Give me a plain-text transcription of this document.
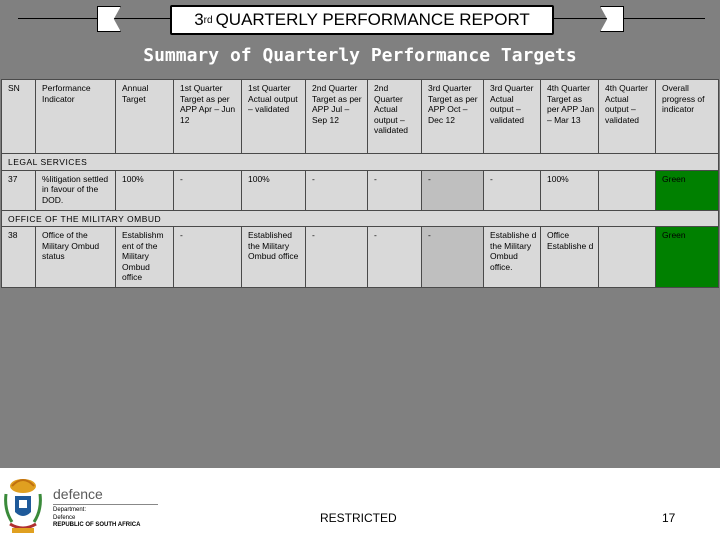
3 rd QUARTERLY PERFORMANCE REPORT
Summary of Quarterly Performance Targets
SN	Performance Indicator	Annual Target	1st Quarter Target as per APP Apr – Jun 12	1st Quarter Actual output – validated	2nd Quarter Target as per APP Jul – Sep 12	2nd Quarter Actual output – validated	3rd Quarter Target as per APP Oct – Dec 12	3rd Quarter Actual output – validated	4th Quarter Target as per APP Jan – Mar 13	4th Quarter Actual output – validated	Overall progress of indicator
LEGAL SERVICES											
37	%litigation settled in favour of the DOD.	100%	-	100%	-	-	-	-	100%		Green
OFFICE OF THE MILITARY OMBUD											
38	Office of the Military Ombud status	Establishm ent of the Military Ombud office	-	Established the Military Ombud office	-	-	-	Establishe d the Military Ombud office.	Office Establishe d		Green
defence
Department:
Defence
REPUBLIC OF SOUTH AFRICA	RESTRICTED	17
